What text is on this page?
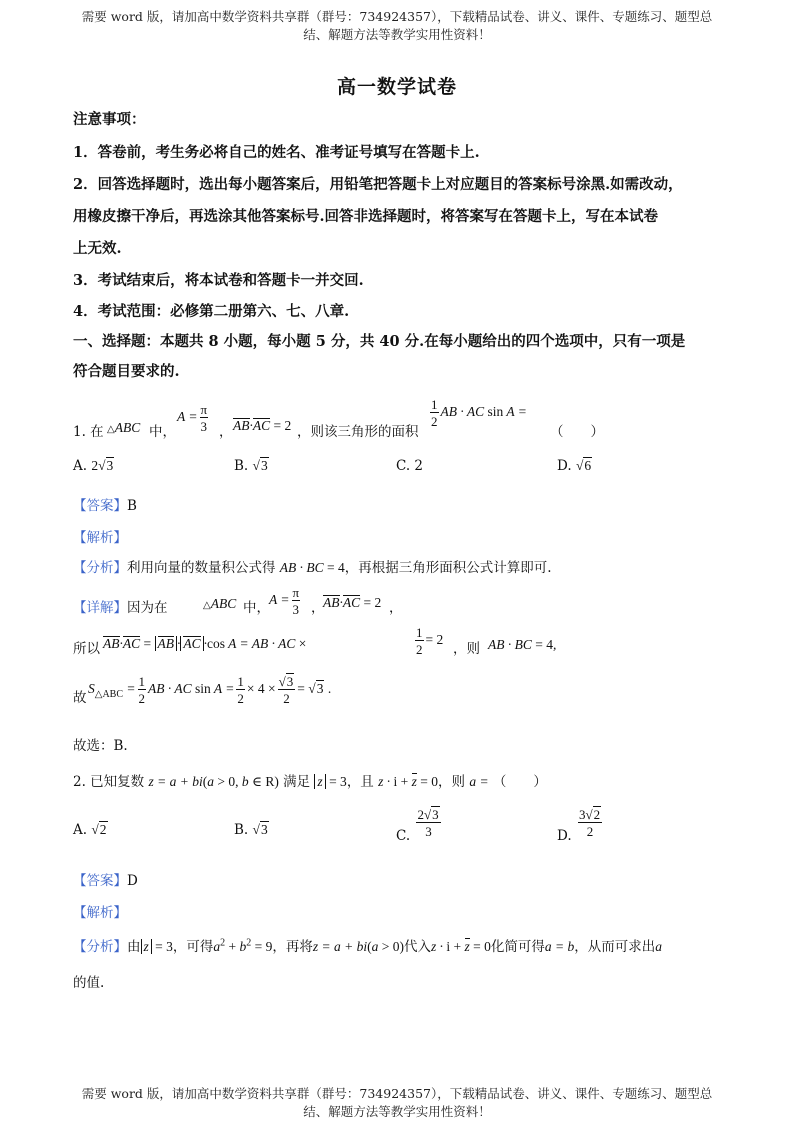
需要 word 版，请加高中数学资料共享群（群号：734924357），下载精品试卷、讲义、课件、专题练习、题型总
结、解题方法等教学实用性资料！
高一数学试卷
注意事项：
1．答卷前，考生务必将自己的姓名、准考证号填写在答题卡上.
2．回答选择题时，选出每小题答案后，用铅笔把答题卡上对应题目的答案标号涂黑.如需改动，
用橡皮擦干净后，再选涂其他答案标号.回答非选择题时，将答案写在答题卡上，写在本试卷
上无效.
3．考试结束后，将本试卷和答题卡一并交回.
4．考试范围：必修第二册第六、七、八章.
一、选择题：本题共 8 小题，每小题 5 分，共 40 分.在每小题给出的四个选项中，只有一项是
符合题目要求的.
1. 在 △ABC 中，
$A = \frac{\pi}{3}$ ， AB·AC = 2 ，则该三角形的面积
$\frac{1}{2}$ AB · AC sin A =
（　　）
A. 2√3	B. √3	C. 2	D. √6
【答案】B
【解析】
【分析】利用向量的数量积公式得 AB · BC = 4，再根据三角形面积公式计算即可.
【详解】因为在	△ABC 中，
$A = \frac{\pi}{3}$ ，
AB·AC = 2 ，
所以 AB·AC = AB · AC ·cos A = AB · AC ×	$\frac{1}{2} = 2$
，则 AB · BC = 4,
故
$S_{\triangle ABC} = \frac{1}{2}$ AB · AC $\sin A = \frac{1}{2} \times 4 \times \frac{√3}{2} = √3$ .
故选：B.
2. 已知复数 z = a + bi(a > 0, b ∈ R) 满足 z = 3，且 z · i + z = 0，则 a = （　　）
A. √2	B. √3	C. $\frac{2√3}{3}$	D. $\frac{3√2}{2}$
【答案】D
【解析】
【分析】由 z = 3，可得$a^2 + b^2 = 9$，再将z = a + bi(a > 0)代入z · i + z = 0化简可得a = b，从而可求出a
的值.
需要 word 版，请加高中数学资料共享群（群号：734924357），下载精品试卷、讲义、课件、专题练习、题型总
结、解题方法等教学实用性资料！
